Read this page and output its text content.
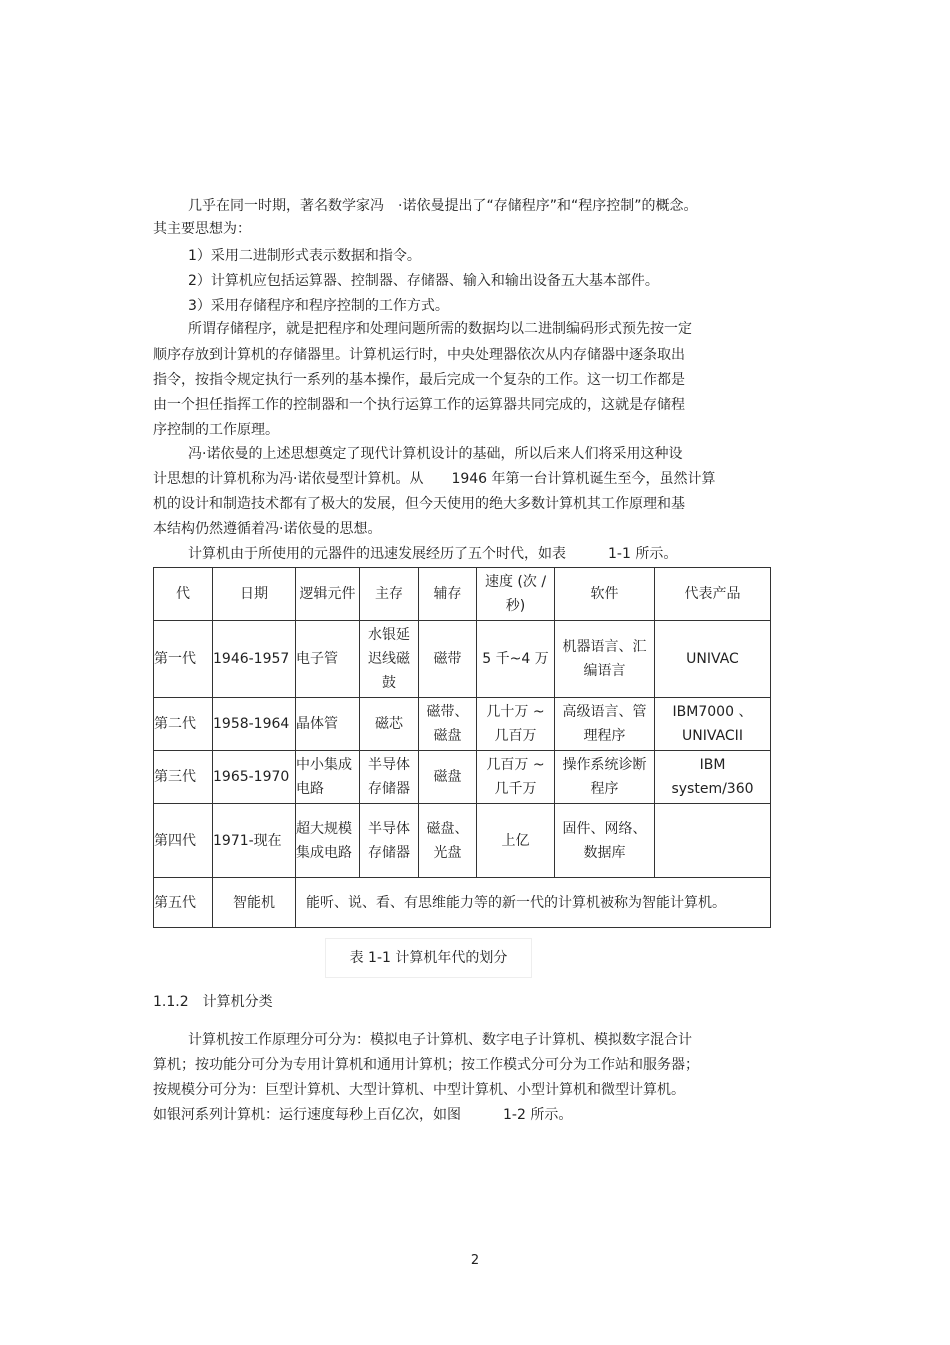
几乎在同一时期，著名数学家冯　·诺依曼提出了“存储程序”和“程序控制”的概念。
其主要思想为：
1）采用二进制形式表示数据和指令。
2）计算机应包括运算器、控制器、存储器、输入和输出设备五大基本部件。
3）采用存储程序和程序控制的工作方式。
所谓存储程序，就是把程序和处理问题所需的数据均以二进制编码形式预先按一定
顺序存放到计算机的存储器里。计算机运行时，中央处理器依次从内存储器中逐条取出
指令，按指令规定执行一系列的基本操作，最后完成一个复杂的工作。这一切工作都是
由一个担任指挥工作的控制器和一个执行运算工作的运算器共同完成的，这就是存储程
序控制的工作原理。
冯·诺依曼的上述思想奠定了现代计算机设计的基础，所以后来人们将采用这种设
计思想的计算机称为冯·诺依曼型计算机。从　　1946 年第一台计算机诞生至今，虽然计算
机的设计和制造技术都有了极大的发展，但今天使用的绝大多数计算机其工作原理和基
本结构仍然遵循着冯·诺依曼的思想。
计算机由于所使用的元器件的迅速发展经历了五个时代，如表　　　1-1 所示。
代	日期	逻辑元件	主存	辅存	速度 (次 / 秒)	软件	代表产品
第一代	1946-1957	电子管	水银延迟线磁鼓	磁带	5 千~4 万	机器语言、汇编语言	UNIVAC
第二代	1958-1964	晶体管	磁芯	磁带、磁盘	几十万 ~ 几百万	高级语言、管理程序	IBM7000 、UNIVACII
第三代	1965-1970	中小集成电路	半导体存储器	磁盘	几百万 ~ 几千万	操作系统诊断程序	IBM system/360
第四代	1971-现在	超大规模集成电路	半导体存储器	磁盘、光盘	上亿	固件、网络、数据库	
第五代	智能机	能听、说、看、有思维能力等的新一代的计算机被称为智能计算机。					
表 1-1 计算机年代的划分
1.1.2　计算机分类
计算机按工作原理分可分为：模拟电子计算机、数字电子计算机、模拟数字混合计
算机；按功能分可分为专用计算机和通用计算机；按工作模式分可分为工作站和服务器；
按规模分可分为：巨型计算机、大型计算机、中型计算机、小型计算机和微型计算机。
如银河系列计算机：运行速度每秒上百亿次，如图　　　1-2 所示。
2
